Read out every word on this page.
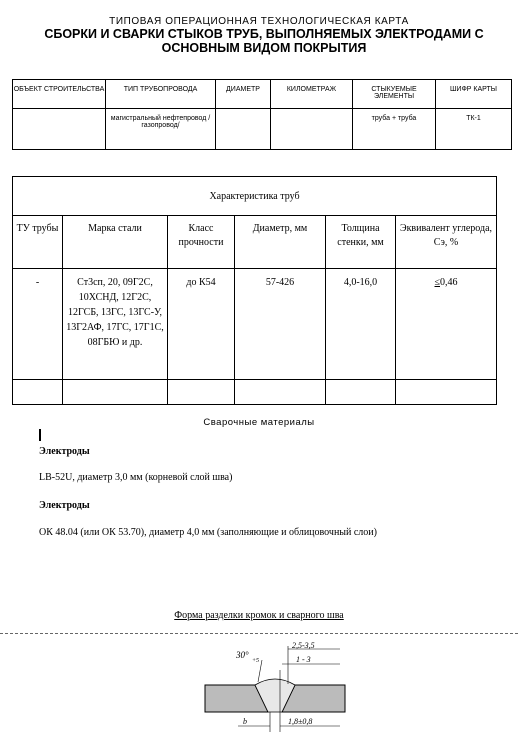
ТИПОВАЯ ОПЕРАЦИОННАЯ ТЕХНОЛОГИЧЕСКАЯ КАРТА
СБОРКИ И СВАРКИ СТЫКОВ ТРУБ, ВЫПОЛНЯЕМЫХ ЭЛЕКТРОДАМИ С ОСНОВНЫМ ВИДОМ ПОКРЫТИЯ
ОБЪЕКТ СТРОИТЕЛЬСТВА	ТИП ТРУБОПРОВОДА	ДИАМЕТР	КИЛОМЕТРАЖ	СТЫКУЕМЫЕ ЭЛЕМЕНТЫ	ШИФР КАРТЫ
	магистральный нефтепровод /газопровод/			труба + труба	ТК-1
Характеристика труб					
ТУ трубы	Марка стали	Класс прочности	Диаметр, мм	Толщина стенки, мм	Эквивалент углерода, Сэ, %
-	Ст3сп, 20, 09Г2С, 10ХСНД, 12Г2С, 12ГСБ, 13ГС, 13ГС-У, 13Г2АФ, 17ГС, 17Г1С, 08ГБЮ и др.	до К54	57-426	4,0-16,0	≤0,46

Сварочные материалы
Электроды
LB-52U, диаметр 3,0 мм (корневой слой шва)
Электроды
ОК 48.04 (или ОК 53.70), диаметр 4,0 мм (заполняющие и облицовочный слои)
Форма разделки кромок и сварного шва
b
30°
+5
2,5-3,5
1 - 3
1,8±0,8
